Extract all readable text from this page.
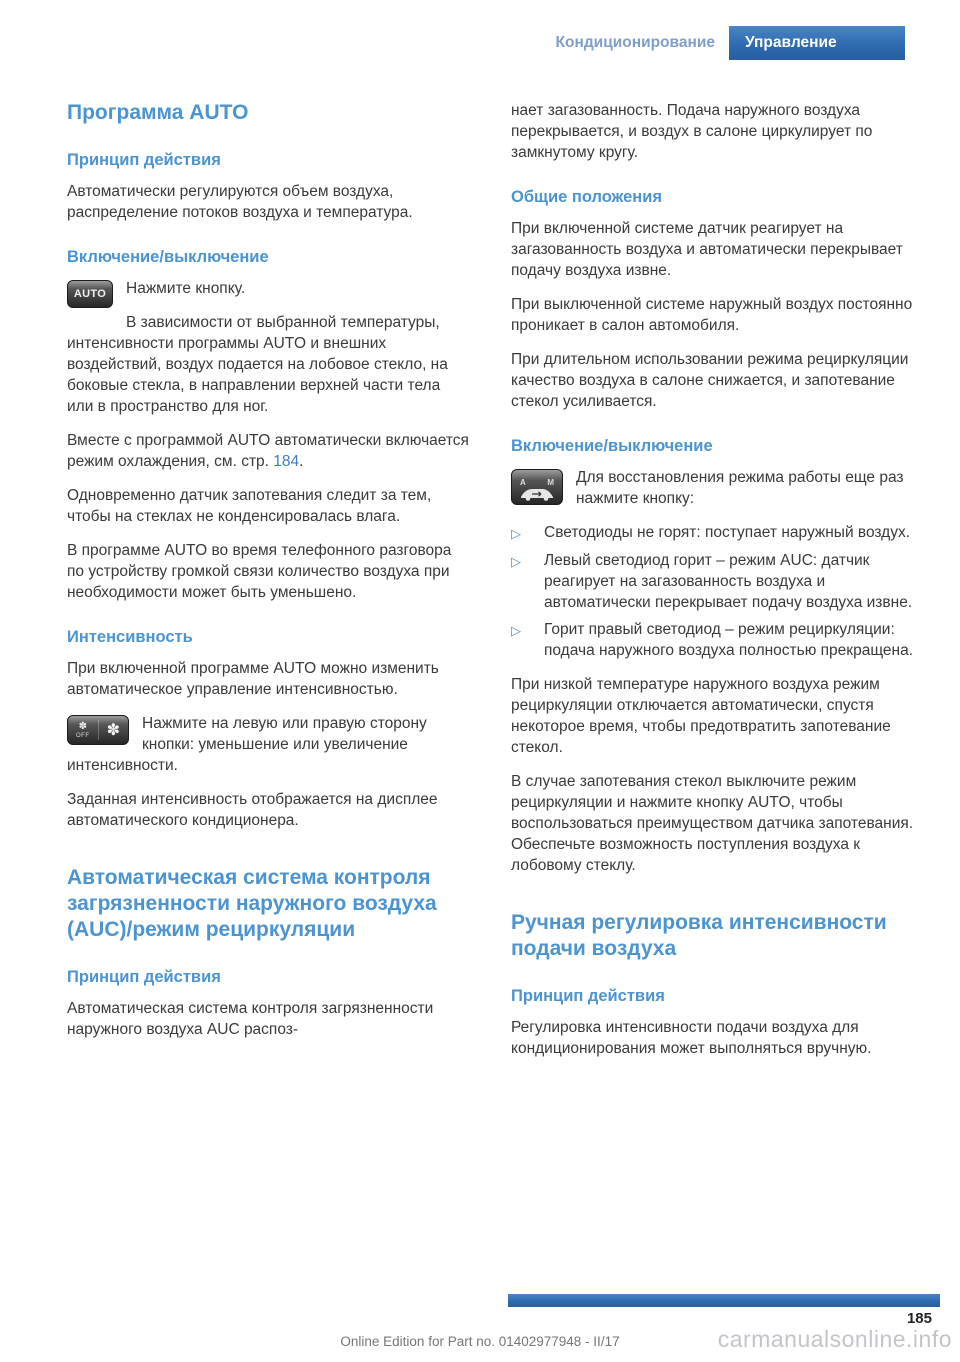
Кондиционирование Управление
Программа AUTO
Принцип действия

Автоматически регулируются объем воздуха, распределение потоков воздуха и температура.

Включение/выключение
AUTO	Нажмите кнопку.

В зависимости от выбранной температуры, интенсивности программы AUTO и внешних воздействий, воздух подается на лобовое стекло, на боковые стекла, в направлении верхней части тела или в пространство для ног.

Вместе с программой AUTO автоматически включается режим охлаждения, см. стр. 184.

Одновременно датчик запотевания следит за тем, чтобы на стеклах не конденсировалась влага.

В программе AUTO во время телефонного разговора по устройству громкой связи количество воздуха при необходимости может быть уменьшено.

Интенсивность

При включенной программе AUTO можно изменить автоматическое управление интенсивностью.

✽
OFF ✽	Нажмите на левую или правую сторону кнопки: уменьшение или увеличение интенсивности.

Заданная интенсивность отображается на дисплее автоматического кондиционера.

Автоматическая система контроля загрязненности наружного воздуха (AUC)/режим рециркуляции
Принцип действия

Автоматическая система контроля загрязненности наружного воздуха AUC распоз-

нает загазованность. Подача наружного воздуха перекрывается, и воздух в салоне циркулирует по замкнутому кругу.

Общие положения

При включенной системе датчик реагирует на загазованность воздуха и автоматически перекрывает подачу воздуха извне.

При выключенной системе наружный воздух постоянно проникает в салон автомобиля.

При длительном использовании режима рециркуляции качество воздуха в салоне снижается, и запотевание стекол усиливается.

Включение/выключение
A	M	Для восстановления режима работы еще раз нажмите кнопку:

▷	Светодиоды не горят: поступает наружный воздух.
▷	Левый светодиод горит – режим AUC: датчик реагирует на загазованность воздуха и автоматически перекрывает подачу воздуха извне.
▷	Горит правый светодиод – режим рециркуляции: подача наружного воздуха полностью прекращена.

При низкой температуре наружного воздуха режим рециркуляции отключается автоматически, спустя некоторое время, чтобы предотвратить запотевание стекол.

В случае запотевания стекол выключите режим рециркуляции и нажмите кнопку AUTO, чтобы воспользоваться преимуществом датчика запотевания. Обеспечьте возможность поступления воздуха к лобовому стеклу.

Ручная регулировка интенсивности подачи воздуха
Принцип действия

Регулировка интенсивности подачи воздуха для кондиционирования может выполняться вручную.

185
Online Edition for Part no. 01402977948 - II/17	carmanualsonline.info
